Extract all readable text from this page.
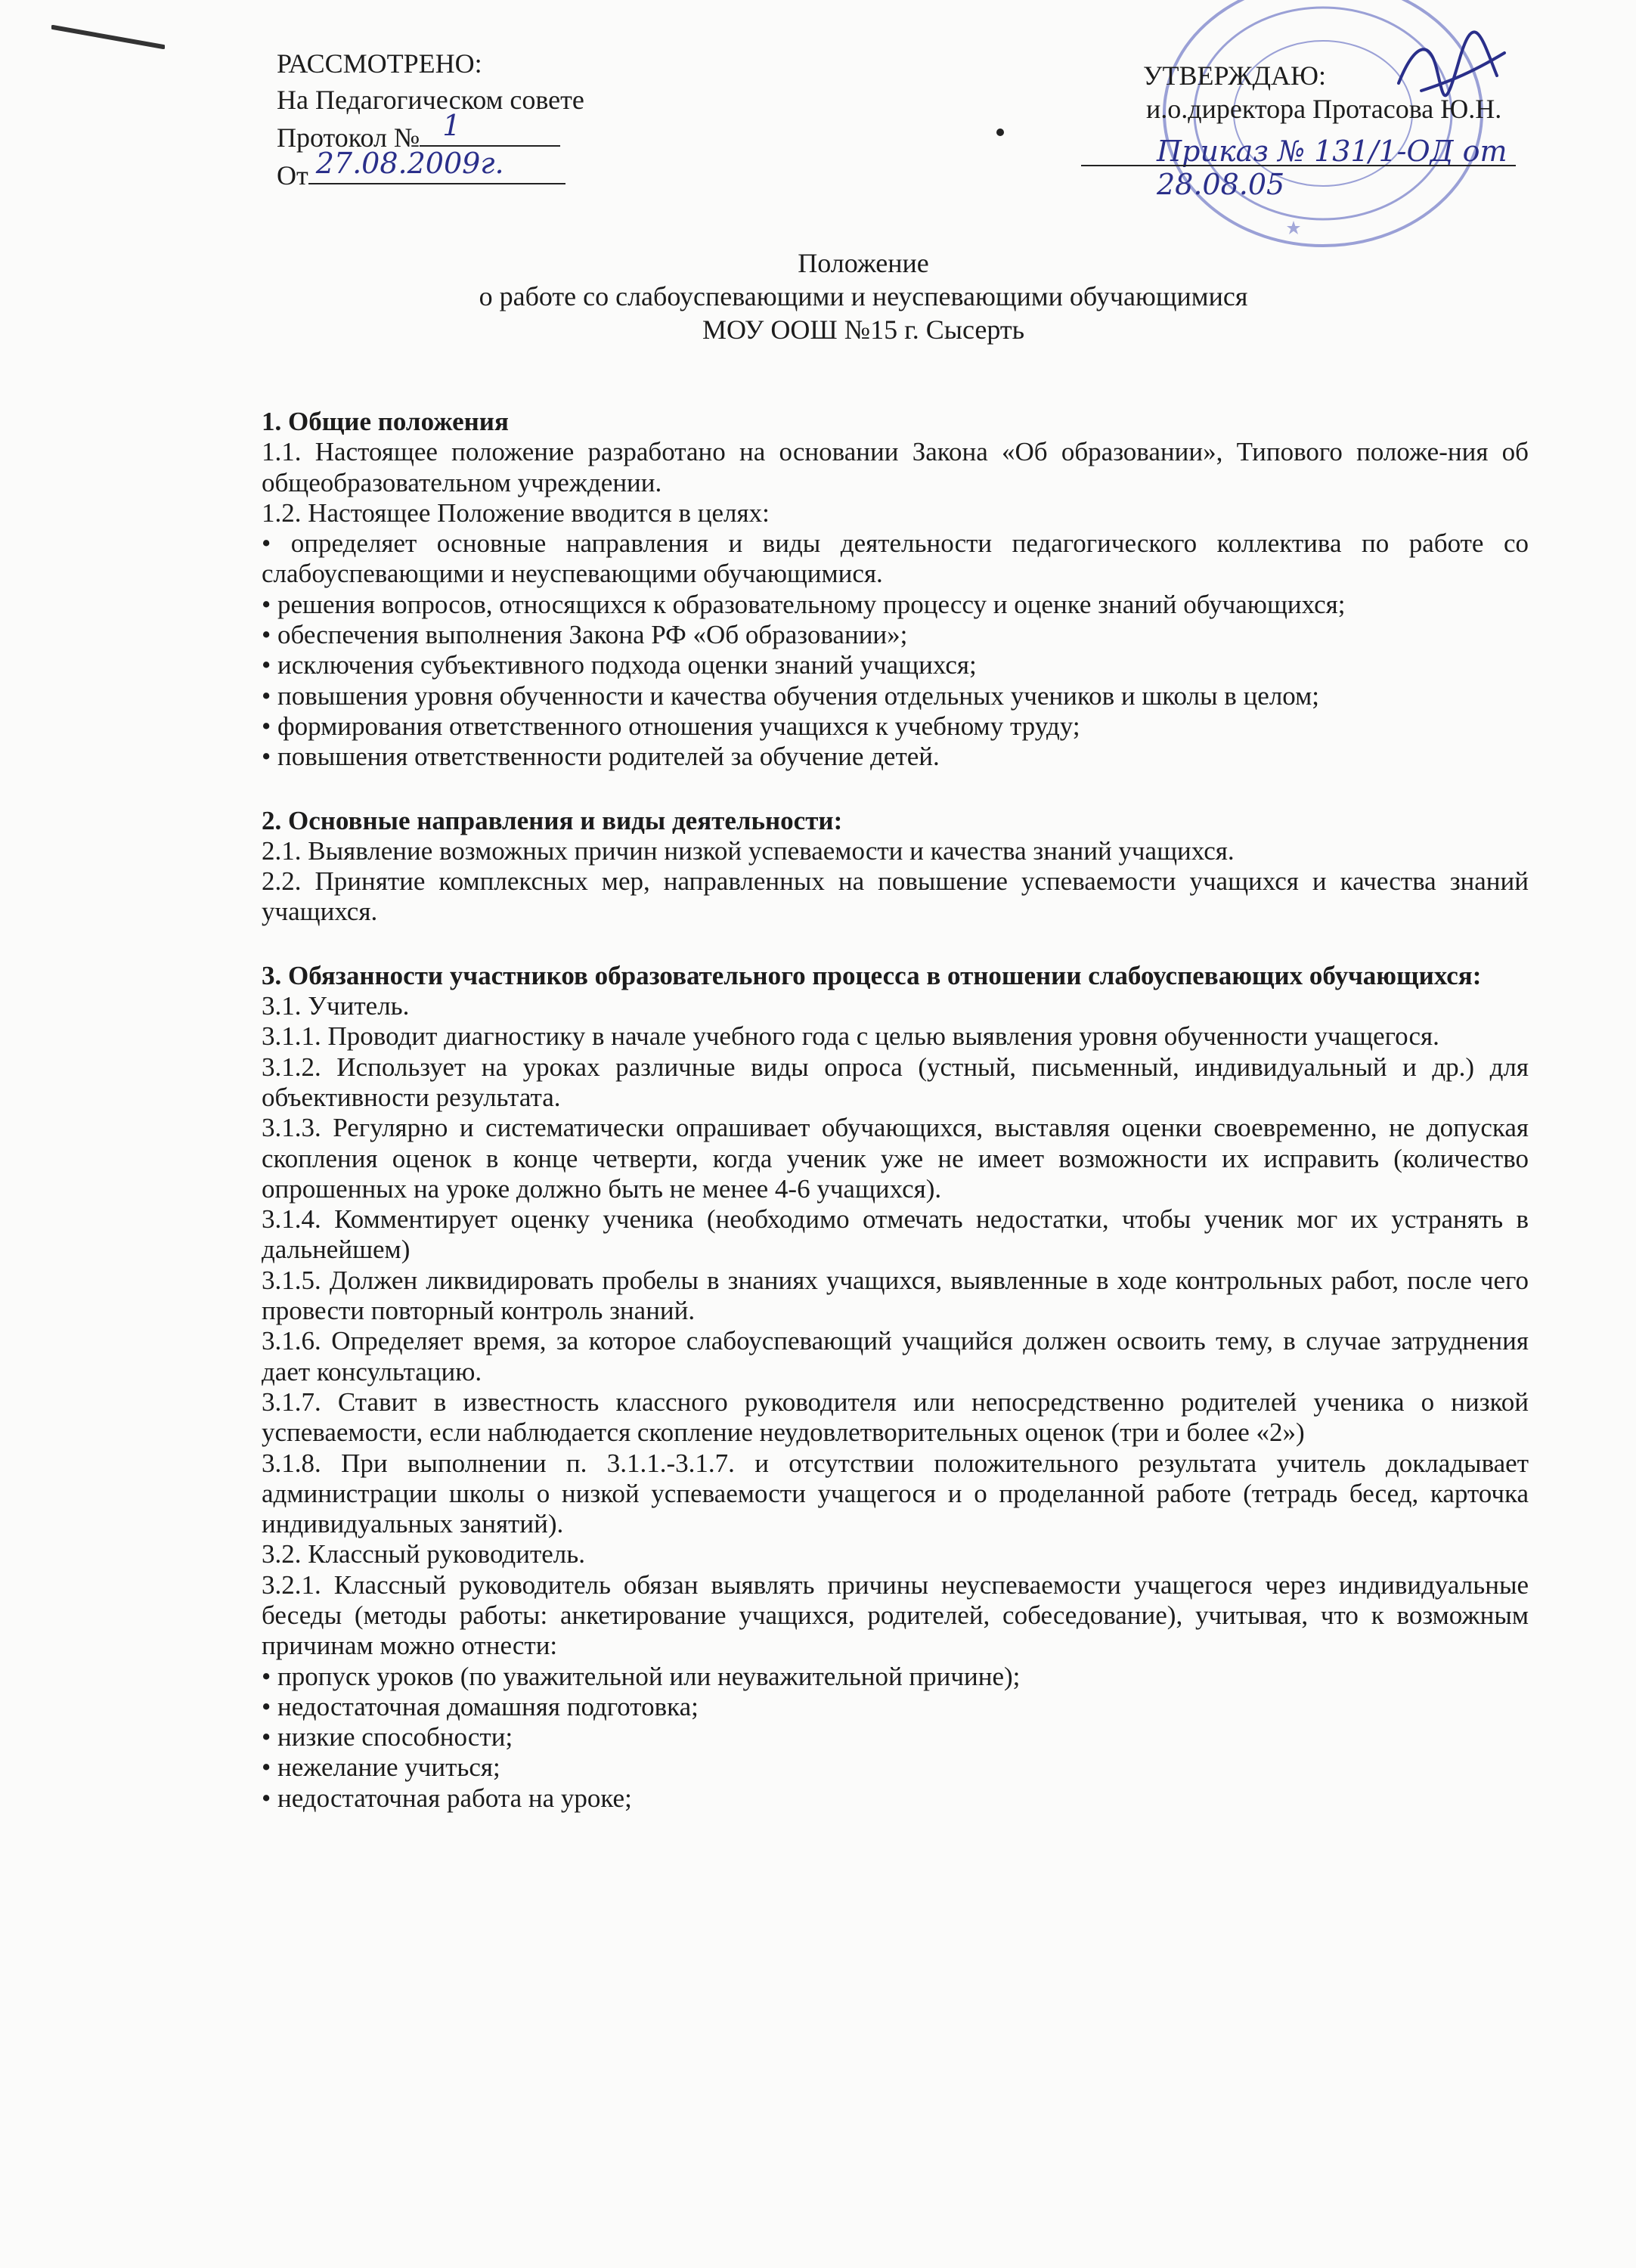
РАССМОТРЕНО:
На Педагогическом совете
Протокол № 1
От 27.08.2009г.
УТВЕРЖДАЮ:
и.о.директора Протасова Ю.Н.
Приказ № 131/1-ОД от 28.08.05
Положение
о работе со слабоуспевающими и неуспевающими обучающимися
МОУ ООШ №15 г. Сысерть

1. Общие положения

1.1. Настоящее положение разработано на основании Закона «Об образовании», Типового положе-ния об общеобразовательном учреждении.

1.2. Настоящее Положение вводится в целях:

• определяет основные направления и виды деятельности педагогического коллектива по работе со слабоуспевающими и неуспевающими обучающимися.

• решения вопросов, относящихся к образовательному процессу и оценке знаний обучающихся;

• обеспечения выполнения Закона РФ «Об образовании»;

• исключения субъективного подхода оценки знаний учащихся;

• повышения уровня обученности и качества обучения отдельных учеников и школы в целом;

• формирования ответственного отношения учащихся к учебному труду;

• повышения ответственности родителей за обучение детей.

2. Основные направления и виды деятельности:

2.1. Выявление возможных причин низкой успеваемости и качества знаний учащихся.

2.2. Принятие комплексных мер, направленных на повышение успеваемости учащихся и качества знаний учащихся.

3. Обязанности участников образовательного процесса в отношении слабоуспевающих обучающихся:

3.1. Учитель.

3.1.1. Проводит диагностику в начале учебного года с целью выявления уровня обученности учащегося.

3.1.2. Использует на уроках различные виды опроса (устный, письменный, индивидуальный и др.) для объективности результата.

3.1.3. Регулярно и систематически опрашивает обучающихся, выставляя оценки своевременно, не допуская скопления оценок в конце четверти, когда ученик уже не имеет возможности их исправить (количество опрошенных на уроке должно быть не менее 4-6 учащихся).

3.1.4. Комментирует оценку ученика (необходимо отмечать недостатки, чтобы ученик мог их устранять в дальнейшем)

3.1.5. Должен ликвидировать пробелы в знаниях учащихся, выявленные в ходе контрольных работ, после чего провести повторный контроль знаний.

3.1.6. Определяет время, за которое слабоуспевающий учащийся должен освоить тему, в случае затруднения дает консультацию.

3.1.7. Ставит в известность классного руководителя или непосредственно родителей ученика о низкой успеваемости, если наблюдается скопление неудовлетворительных оценок (три и более «2»)

3.1.8. При выполнении п. 3.1.1.-3.1.7. и отсутствии положительного результата учитель докладывает администрации школы о низкой успеваемости учащегося и о проделанной работе (тетрадь бесед, карточка индивидуальных занятий).

3.2. Классный руководитель.

3.2.1. Классный руководитель обязан выявлять причины неуспеваемости учащегося через индивидуальные беседы (методы работы: анкетирование учащихся, родителей, собеседование), учитывая, что к возможным причинам можно отнести:

• пропуск уроков (по уважительной или неуважительной причине);

• недостаточная домашняя подготовка;

• низкие способности;

• нежелание учиться;

• недостаточная работа на уроке;
